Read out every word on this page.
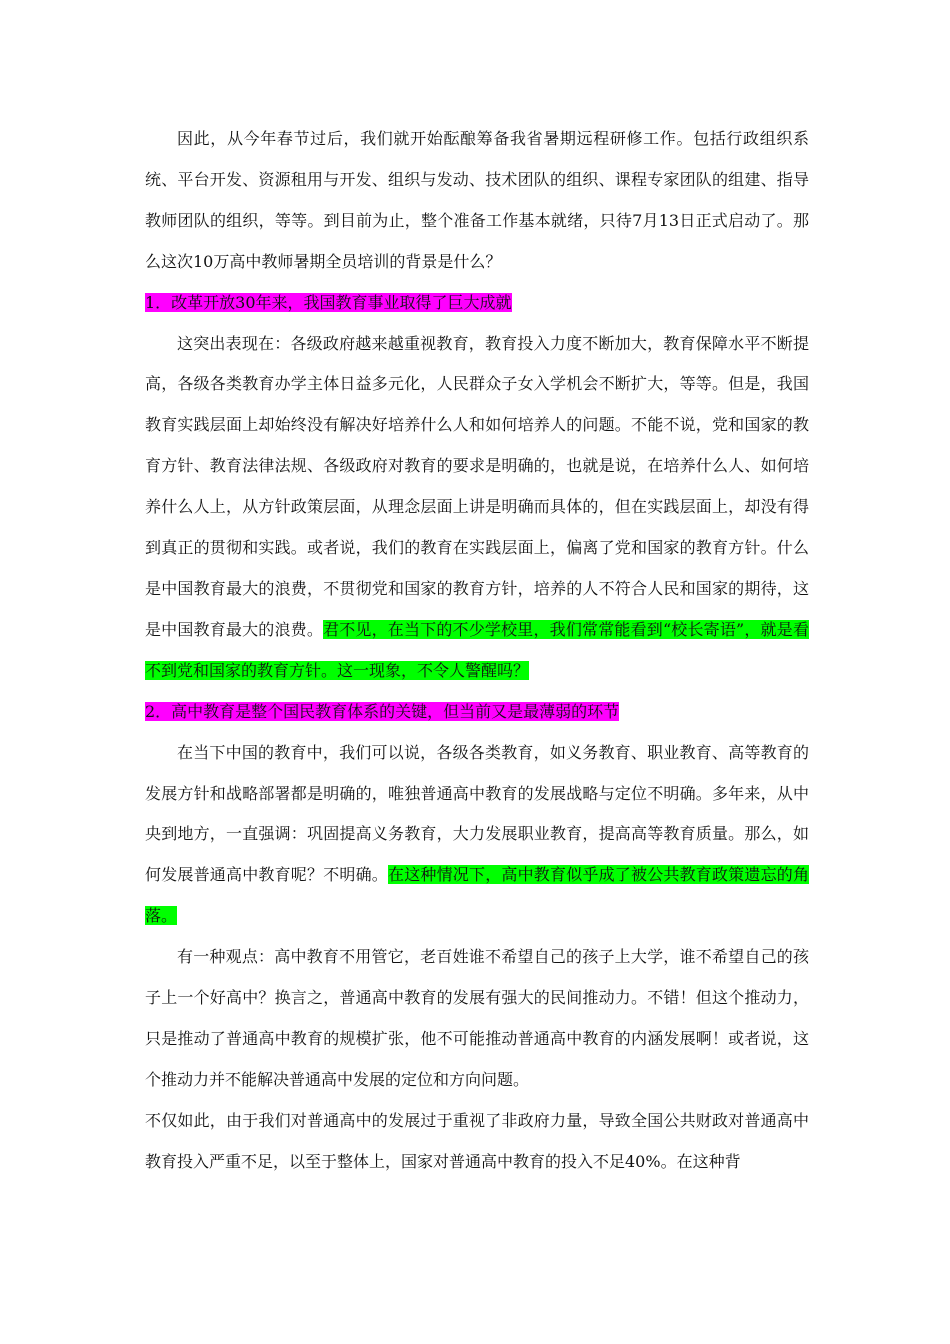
因此，从今年春节过后，我们就开始酝酿筹备我省暑期远程研修工作。包括行政组织系统、平台开发、资源租用与开发、组织与发动、技术团队的组织、课程专家团队的组建、指导教师团队的组织，等等。到目前为止，整个准备工作基本就绪，只待7月13日正式启动了。那么这次10万高中教师暑期全员培训的背景是什么？

1．改革开放30年来，我国教育事业取得了巨大成就

这突出表现在：各级政府越来越重视教育，教育投入力度不断加大，教育保障水平不断提高，各级各类教育办学主体日益多元化，人民群众子女入学机会不断扩大，等等。但是，我国教育实践层面上却始终没有解决好培养什么人和如何培养人的问题。不能不说，党和国家的教育方针、教育法律法规、各级政府对教育的要求是明确的，也就是说，在培养什么人、如何培养什么人上，从方针政策层面，从理念层面上讲是明确而具体的，但在实践层面上，却没有得到真正的贯彻和实践。或者说，我们的教育在实践层面上，偏离了党和国家的教育方针。什么是中国教育最大的浪费，不贯彻党和国家的教育方针，培养的人不符合人民和国家的期待，这是中国教育最大的浪费。君不见，在当下的不少学校里，我们常常能看到“校长寄语”，就是看不到党和国家的教育方针。这一现象，不令人警醒吗？

2．高中教育是整个国民教育体系的关键，但当前又是最薄弱的环节

在当下中国的教育中，我们可以说，各级各类教育，如义务教育、职业教育、高等教育的发展方针和战略部署都是明确的，唯独普通高中教育的发展战略与定位不明确。多年来，从中央到地方，一直强调：巩固提高义务教育，大力发展职业教育，提高高等教育质量。那么，如何发展普通高中教育呢？不明确。在这种情况下，高中教育似乎成了被公共教育政策遗忘的角落。

有一种观点：高中教育不用管它，老百姓谁不希望自己的孩子上大学，谁不希望自己的孩子上一个好高中？换言之，普通高中教育的发展有强大的民间推动力。不错！但这个推动力，只是推动了普通高中教育的规模扩张，他不可能推动普通高中教育的内涵发展啊！或者说，这个推动力并不能解决普通高中发展的定位和方向问题。

不仅如此，由于我们对普通高中的发展过于重视了非政府力量，导致全国公共财政对普通高中教育投入严重不足，以至于整体上，国家对普通高中教育的投入不足40%。在这种背
